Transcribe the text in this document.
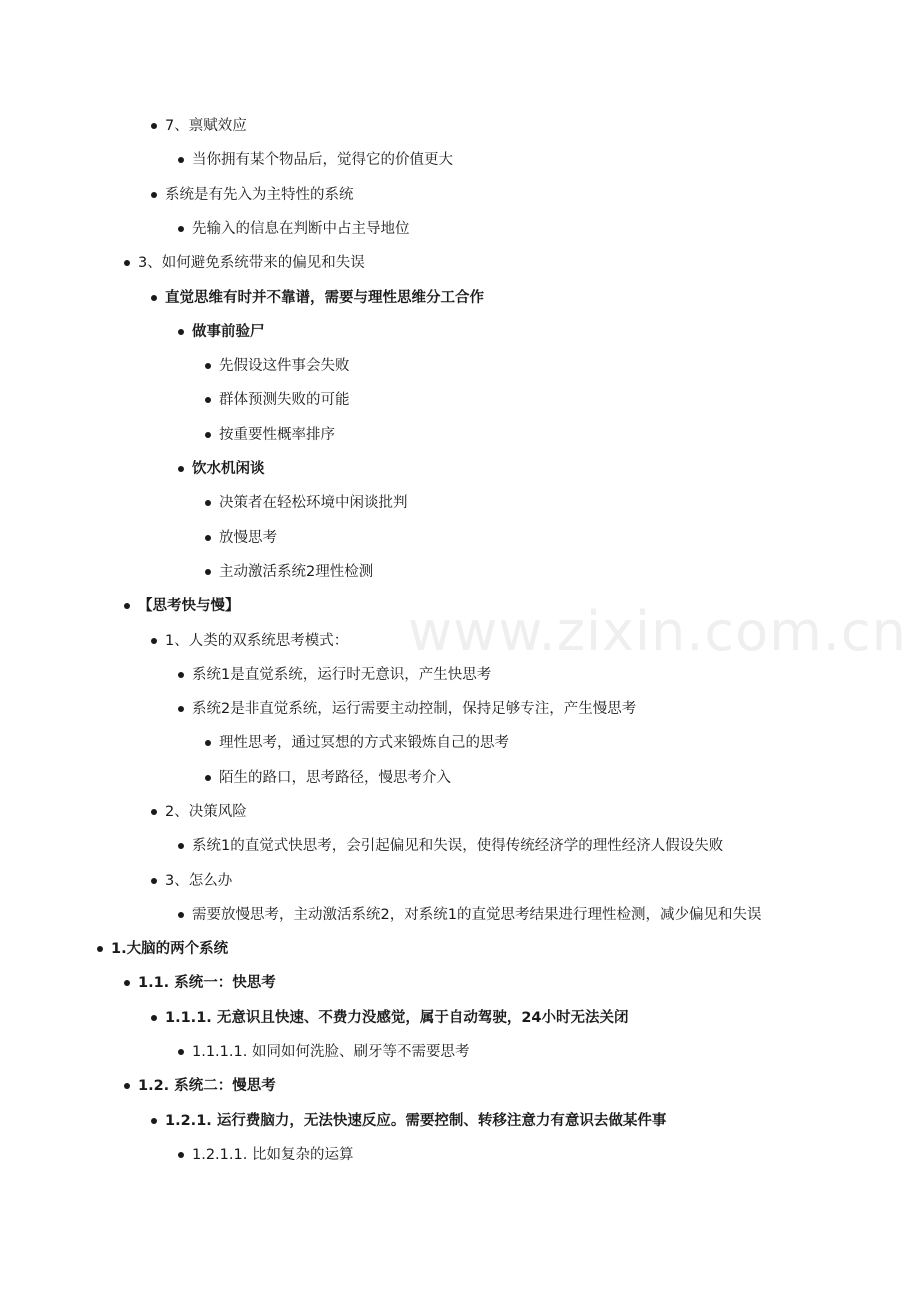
www.zixin.com.cn
7、禀赋效应
当你拥有某个物品后，觉得它的价值更大
系统是有先入为主特性的系统
先输入的信息在判断中占主导地位
3、如何避免系统带来的偏见和失误
直觉思维有时并不靠谱，需要与理性思维分工合作
做事前验尸
先假设这件事会失败
群体预测失败的可能
按重要性概率排序
饮水机闲谈
决策者在轻松环境中闲谈批判
放慢思考
主动激活系统2理性检测
【思考快与慢】
1、人类的双系统思考模式：
系统1是直觉系统，运行时无意识，产生快思考
系统2是非直觉系统，运行需要主动控制，保持足够专注，产生慢思考
理性思考，通过冥想的方式来锻炼自己的思考
陌生的路口，思考路径，慢思考介入
2、决策风险
系统1的直觉式快思考，会引起偏见和失误，使得传统经济学的理性经济人假设失败
3、怎么办
需要放慢思考，主动激活系统2，对系统1的直觉思考结果进行理性检测，减少偏见和失误
1.大脑的两个系统
1.1. 系统一：快思考
1.1.1. 无意识且快速、不费力没感觉，属于自动驾驶，24小时无法关闭
1.1.1.1. 如同如何洗脸、刷牙等不需要思考
1.2. 系统二：慢思考
1.2.1. 运行费脑力，无法快速反应。需要控制、转移注意力有意识去做某件事
1.2.1.1. 比如复杂的运算
